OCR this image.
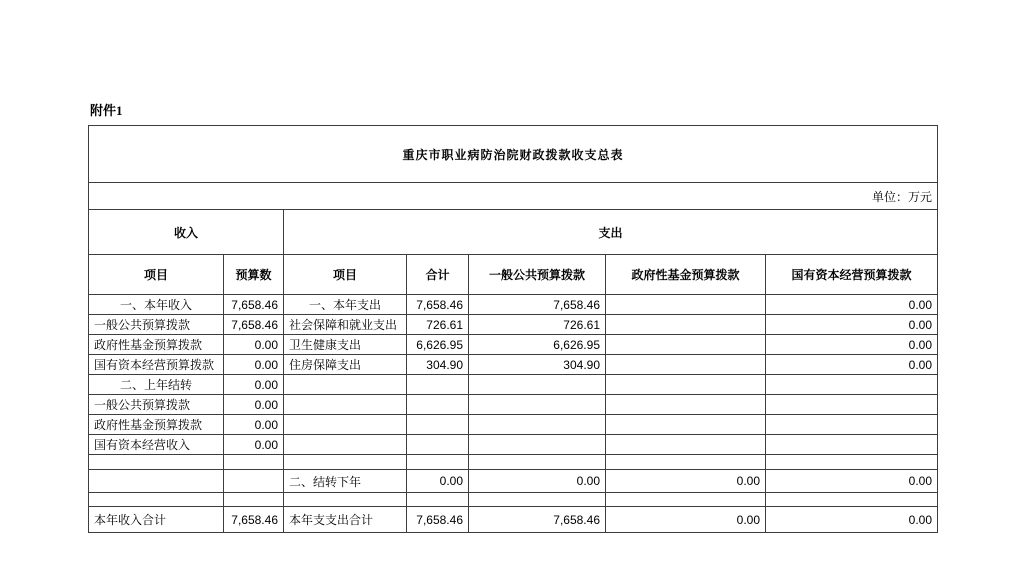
附件1
重庆市职业病防治院财政拨款收支总表						
单位：万元						
收入		支出				
项目	预算数	项目	合计	一般公共预算拨款	政府性基金预算拨款	国有资本经营预算拨款
一、本年收入	7,658.46	一、本年支出	7,658.46	7,658.46		0.00
一般公共预算拨款	7,658.46	社会保障和就业支出	726.61	726.61		0.00
政府性基金预算拨款	0.00	卫生健康支出	6,626.95	6,626.95		0.00
国有资本经营预算拨款	0.00	住房保障支出	304.90	304.90		0.00
二、上年结转	0.00					
一般公共预算拨款	0.00					
政府性基金预算拨款	0.00					
国有资本经营收入	0.00					

		二、结转下年	0.00	0.00	0.00	0.00

本年收入合计	7,658.46	本年支支出合计	7,658.46	7,658.46	0.00	0.00
